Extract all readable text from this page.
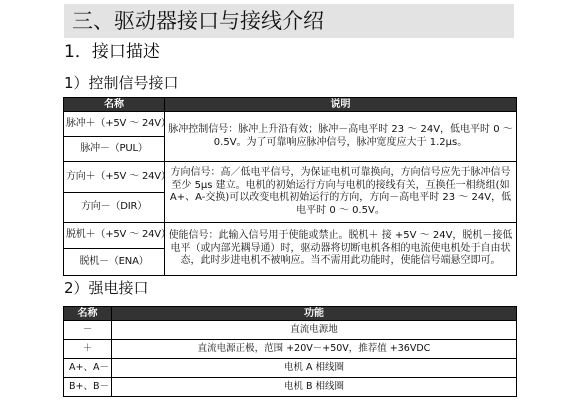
三、驱动器接口与接线介绍
1．接口描述
1）控制信号接口
名称	说明
脉冲＋（+5V ～ 24V）	脉冲控制信号：脉冲上升沿有效；脉冲－高电平时 23 ～ 24V，低电平时 0 ～ 0.5V。为了可靠响应脉冲信号，脉冲宽度应大于 1.2μs。
脉冲－（PUL）	
方向＋（+5V ～ 24V）	方向信号：高／低电平信号，为保证电机可靠换向，方向信号应先于脉冲信号至少 5μs 建立。电机的初始运行方向与电机的接线有关，互换任一相绕组(如A+、A-交换)可以改变电机初始运行的方向，方向－高电平时 23 ～ 24V，低电平时 0 ～ 0.5V。
方向－（DIR）	
脱机＋（+5V ～ 24V）	使能信号：此输入信号用于使能或禁止。脱机＋ 接 +5V ～ 24V，脱机－接低电平（或内部光耦导通）时，驱动器将切断电机各相的电流使电机处于自由状态，此时步进电机不被响应。当不需用此功能时，使能信号端悬空即可。
脱机－（ENA）	
2）强电接口
名称	功能
－	直流电源地
＋	直流电源正极，范围 +20V－+50V，推荐值 +36VDC
A+、A－	电机 A 相线圈
B+、B－	电机 B 相线圈
